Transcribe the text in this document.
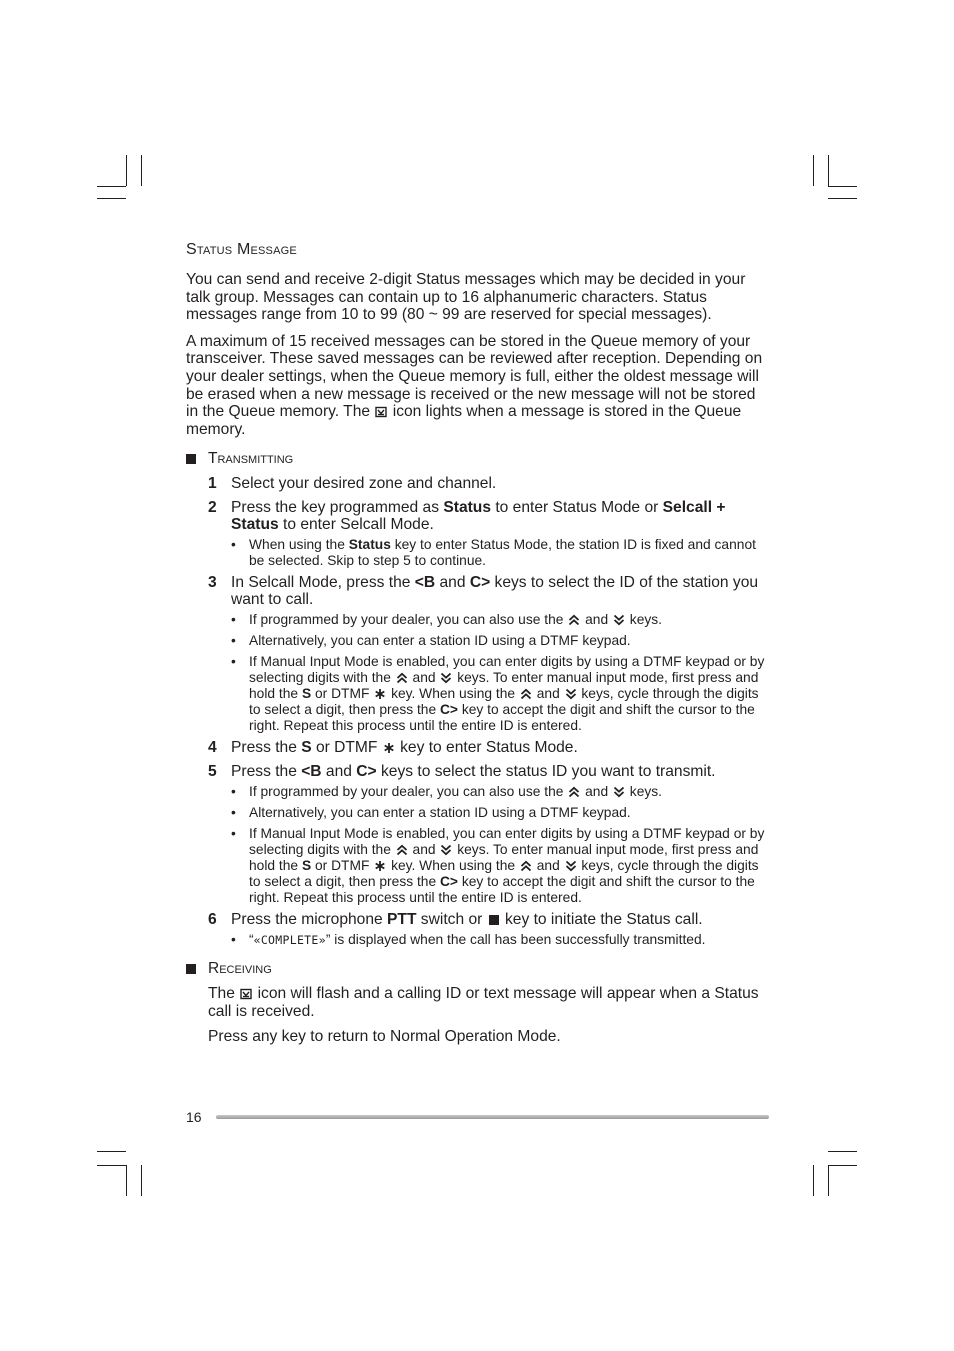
Status Message

You can send and receive 2-digit Status messages which may be decided in your talk group. Messages can contain up to 16 alphanumeric characters. Status messages range from 10 to 99 (80 ~ 99 are reserved for special messages).

A maximum of 15 received messages can be stored in the Queue memory of your transceiver. These saved messages can be reviewed after reception. Depending on your dealer settings, when the Queue memory is full, either the oldest message will be erased when a new message is received or the new message will not be stored in the Queue memory. The icon lights when a message is stored in the Queue memory.

Transmitting
1 Select your desired zone and channel.
2 Press the key programmed as Status to enter Status Mode or Selcall + Status to enter Selcall Mode.
• When using the Status key to enter Status Mode, the station ID is fixed and cannot be selected. Skip to step 5 to continue.
3 In Selcall Mode, press the <B and C> keys to select the ID of the station you want to call.
• If programmed by your dealer, you can also use the  and  keys.
• Alternatively, you can enter a station ID using a DTMF keypad.
• If Manual Input Mode is enabled, you can enter digits by using a DTMF keypad or by selecting digits with the  and  keys. To enter manual input mode, first press and hold the S or DTMF  key. When using the  and  keys, cycle through the digits to select a digit, then press the C> key to accept the digit and shift the cursor to the right. Repeat this process until the entire ID is entered.
4 Press the S or DTMF  key to enter Status Mode.
5 Press the <B and C> keys to select the status ID you want to transmit.
• If programmed by your dealer, you can also use the  and  keys.
• Alternatively, you can enter a station ID using a DTMF keypad.
• If Manual Input Mode is enabled, you can enter digits by using a DTMF keypad or by selecting digits with the  and  keys. To enter manual input mode, first press and hold the S or DTMF  key. When using the  and  keys, cycle through the digits to select a digit, then press the C> key to accept the digit and shift the cursor to the right. Repeat this process until the entire ID is entered.
6 Press the microphone PTT switch or  key to initiate the Status call.
• “«COMPLETE»” is displayed when the call has been successfully transmitted.
Receiving

The icon will flash and a calling ID or text message will appear when a Status call is received.

Press any key to return to Normal Operation Mode.

16
